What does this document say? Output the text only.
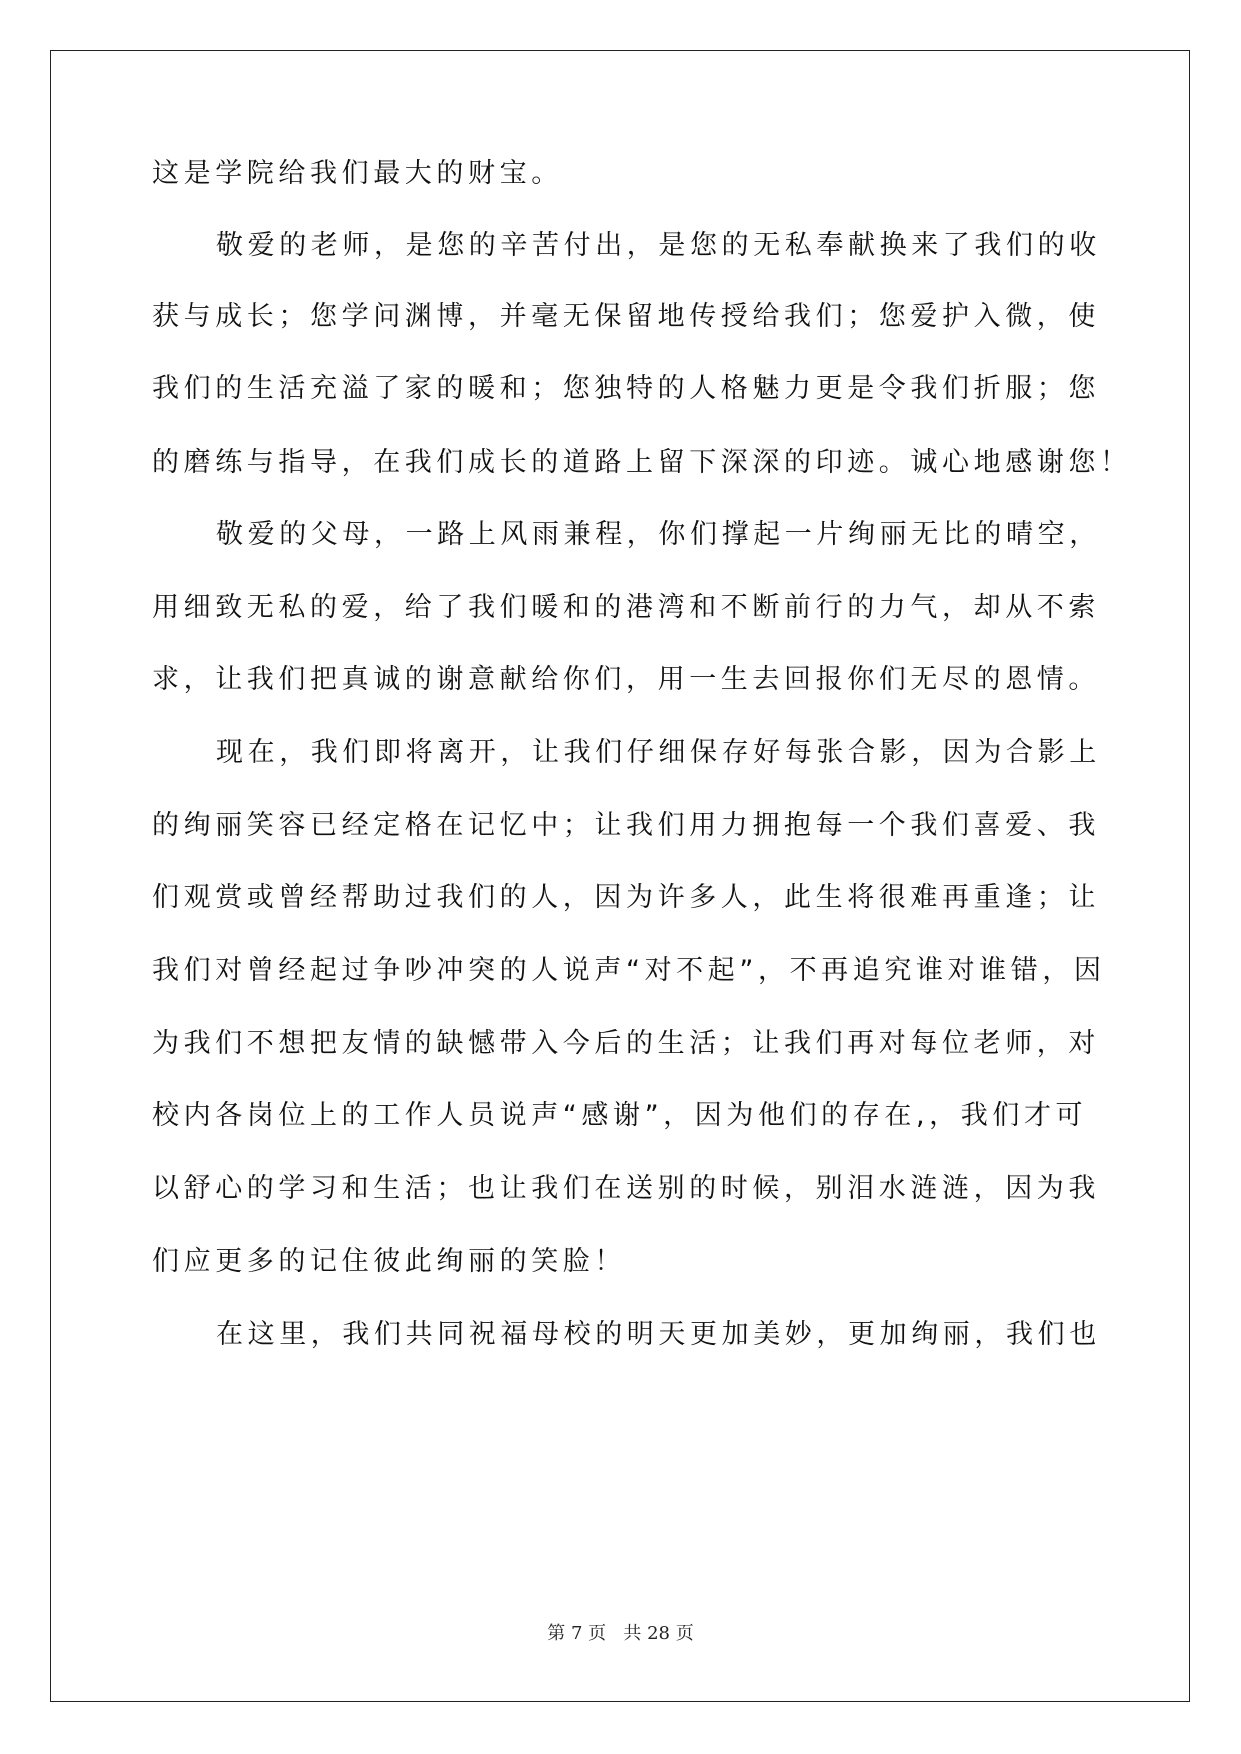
这是学院给我们最大的财宝。
敬爱的老师，是您的辛苦付出，是您的无私奉献换来了我们的收
获与成长；您学问渊博，并毫无保留地传授给我们；您爱护入微，使
我们的生活充溢了家的暖和；您独特的人格魅力更是令我们折服；您
的磨练与指导，在我们成长的道路上留下深深的印迹。诚心地感谢您！
敬爱的父母，一路上风雨兼程，你们撑起一片绚丽无比的晴空，
用细致无私的爱，给了我们暖和的港湾和不断前行的力气，却从不索
求，让我们把真诚的谢意献给你们，用一生去回报你们无尽的恩情。
现在，我们即将离开，让我们仔细保存好每张合影，因为合影上
的绚丽笑容已经定格在记忆中；让我们用力拥抱每一个我们喜爱、我
们观赏或曾经帮助过我们的人，因为许多人，此生将很难再重逢；让
我们对曾经起过争吵冲突的人说声“对不起”，不再追究谁对谁错，因
为我们不想把友情的缺憾带入今后的生活；让我们再对每位老师，对
校内各岗位上的工作人员说声“感谢”，因为他们的存在,，我们才可
以舒心的学习和生活；也让我们在送别的时候，别泪水涟涟，因为我
们应更多的记住彼此绚丽的笑脸！
在这里，我们共同祝福母校的明天更加美妙，更加绚丽，我们也
第 7 页 共 28 页
